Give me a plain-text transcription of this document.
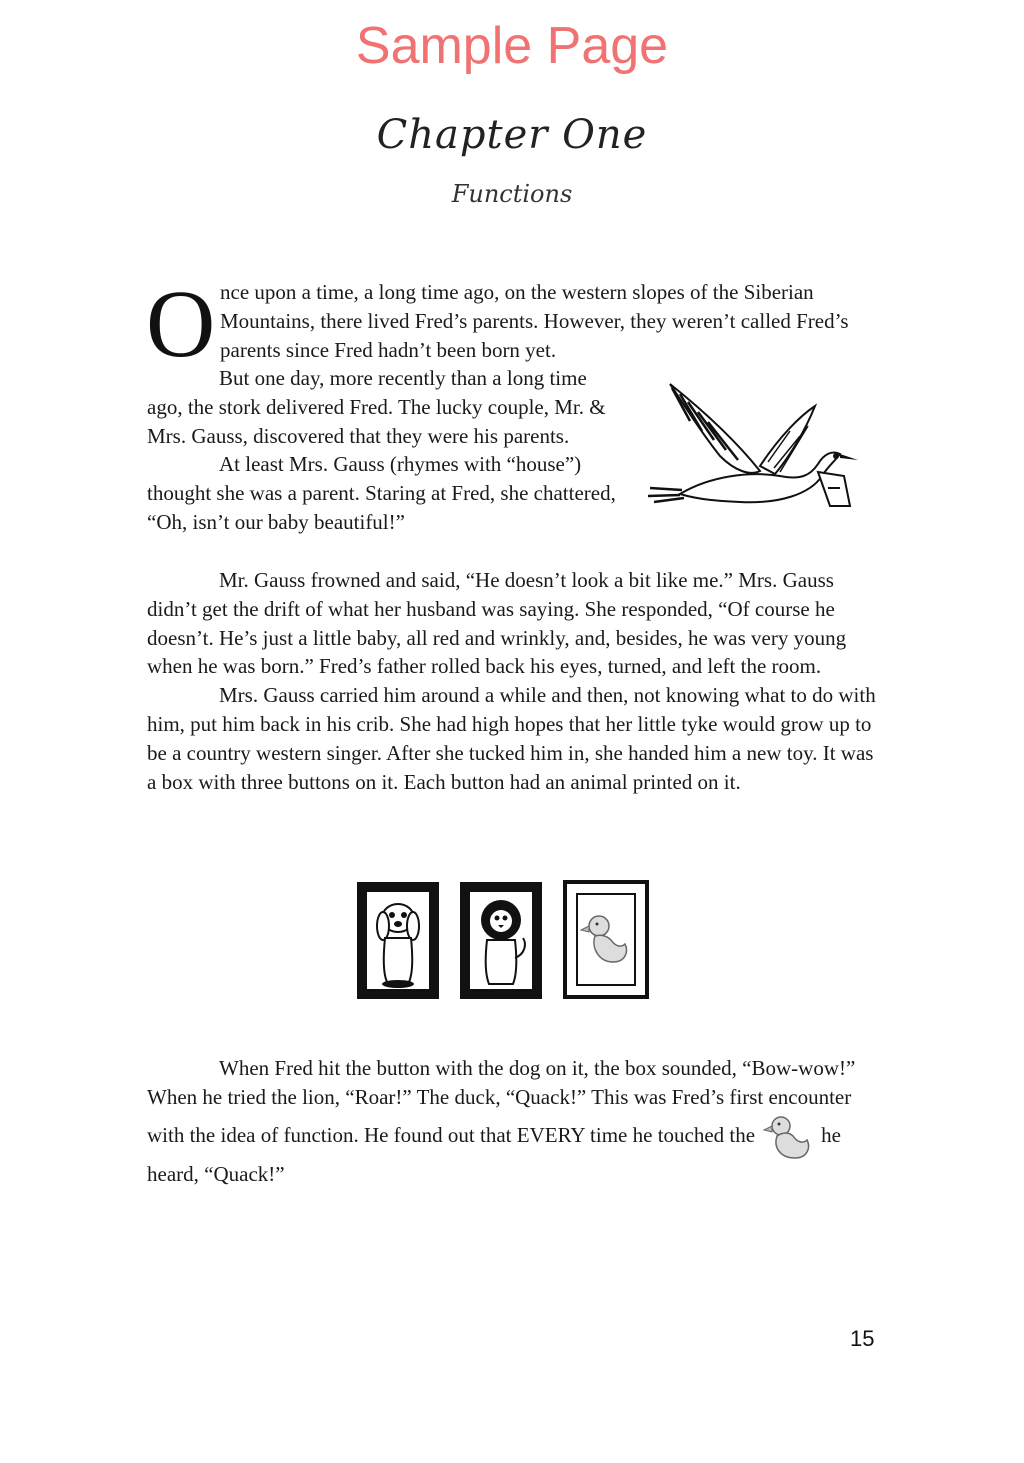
Sample Page
Chapter One
Functions
O nce upon a time, a long time ago, on the western slopes of the Siberian Mountains, there lived Fred’s parents. However, they weren’t called Fred’s parents since Fred hadn’t been born yet.

But one day, more recently than a long time ago, the stork delivered Fred. The lucky couple, Mr. & Mrs. Gauss, discovered that they were his parents.

At least Mrs. Gauss (rhymes with “house”) thought she was a parent. Staring at Fred, she chattered, “Oh, isn’t our baby beautiful!”

Mr. Gauss frowned and said, “He doesn’t look a bit like me.” Mrs. Gauss didn’t get the drift of what her husband was saying. She responded, “Of course he doesn’t. He’s just a little baby, all red and wrinkly, and, besides, he was very young when he was born.” Fred’s father rolled back his eyes, turned, and left the room.

Mrs. Gauss carried him around a while and then, not knowing what to do with him, put him back in his crib. She had high hopes that her little tyke would grow up to be a country western singer. After she tucked him in, she handed him a new toy. It was a box with three buttons on it. Each button had an animal printed on it.

When Fred hit the button with the dog on it, the box sounded, “Bow-wow!” When he tried the lion, “Roar!” The duck, “Quack!” This was Fred’s first encounter with the idea of function. He found out that EVERY time he touched the	he heard, “Quack!”

15
